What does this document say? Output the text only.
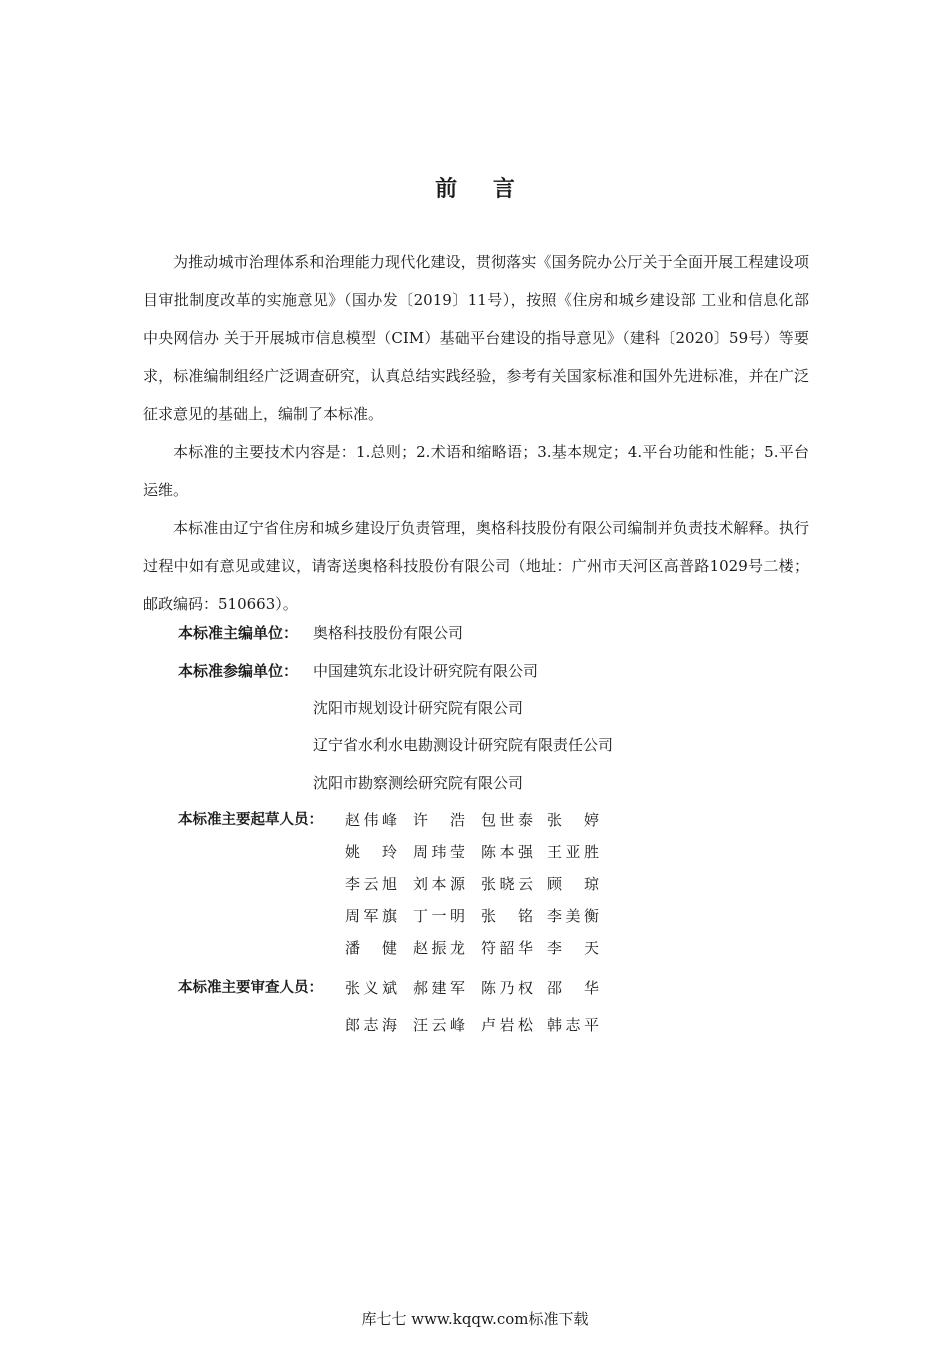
前 言

为推动城市治理体系和治理能力现代化建设，贯彻落实《国务院办公厅关于全面开展工程建设项目审批制度改革的实施意见》（国办发〔2019〕11号），按照《住房和城乡建设部 工业和信息化部 中央网信办 关于开展城市信息模型（CIM）基础平台建设的指导意见》（建科〔2020〕59号）等要求，标准编制组经广泛调查研究，认真总结实践经验，参考有关国家标准和国外先进标准，并在广泛征求意见的基础上，编制了本标准。

本标准的主要技术内容是：1.总则；2.术语和缩略语；3.基本规定；4.平台功能和性能；5.平台运维。

本标准由辽宁省住房和城乡建设厅负责管理，奥格科技股份有限公司编制并负责技术解释。执行过程中如有意见或建议，请寄送奥格科技股份有限公司（地址：广州市天河区高普路1029号二楼；邮政编码：510663）。

本标准主编单位： 奥格科技股份有限公司
本标准参编单位： 中国建筑东北设计研究院有限公司
沈阳市规划设计研究院有限公司
辽宁省水利水电勘测设计研究院有限责任公司
沈阳市勘察测绘研究院有限公司
本标准主要起草人员： 赵伟峰 许 浩 包世泰 张 婷
姚 玲 周玮莹 陈本强 王亚胜
李云旭 刘本源 张晓云 顾 琼
周军旗 丁一明 张 铭 李美衡
潘 健 赵振龙 符韶华 李 天
本标准主要审查人员： 张义斌 郝建军 陈乃权 邵 华
郎志海 汪云峰 卢岩松 韩志平
库七七 www.kqqw.com标准下载
